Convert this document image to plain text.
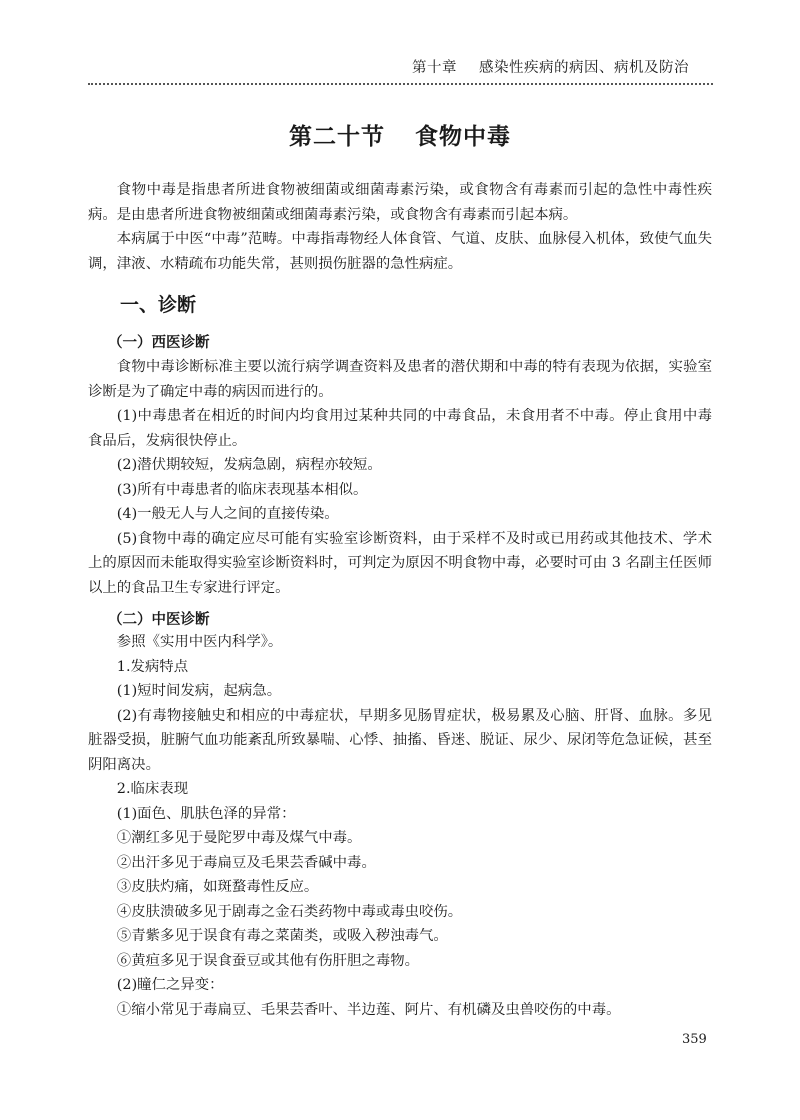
第十章 感染性疾病的病因、病机及防治
第二十节 食物中毒

食物中毒是指患者所进食物被细菌或细菌毒素污染，或食物含有毒素而引起的急性中毒性疾病。是由患者所进食物被细菌或细菌毒素污染，或食物含有毒素而引起本病。

本病属于中医“中毒”范畴。中毒指毒物经人体食管、气道、皮肤、血脉侵入机体，致使气血失调，津液、水精疏布功能失常，甚则损伤脏器的急性病症。

一、诊断
（一）西医诊断

食物中毒诊断标准主要以流行病学调查资料及患者的潜伏期和中毒的特有表现为依据，实验室诊断是为了确定中毒的病因而进行的。

(1)中毒患者在相近的时间内均食用过某种共同的中毒食品，未食用者不中毒。停止食用中毒食品后，发病很快停止。

(2)潜伏期较短，发病急剧，病程亦较短。

(3)所有中毒患者的临床表现基本相似。

(4)一般无人与人之间的直接传染。

(5)食物中毒的确定应尽可能有实验室诊断资料，由于采样不及时或已用药或其他技术、学术上的原因而未能取得实验室诊断资料时，可判定为原因不明食物中毒，必要时可由 3 名副主任医师以上的食品卫生专家进行评定。

（二）中医诊断

参照《实用中医内科学》。

1.发病特点

(1)短时间发病，起病急。

(2)有毒物接触史和相应的中毒症状，早期多见肠胃症状，极易累及心脑、肝肾、血脉。多见脏器受损，脏腑气血功能紊乱所致暴喘、心悸、抽搐、昏迷、脱证、尿少、尿闭等危急证候，甚至阴阳离决。

2.临床表现

(1)面色、肌肤色泽的异常：

①潮红多见于曼陀罗中毒及煤气中毒。

②出汗多见于毒扁豆及毛果芸香碱中毒。

③皮肤灼痛，如斑蝥毒性反应。

④皮肤溃破多见于剧毒之金石类药物中毒或毒虫咬伤。

⑤青紫多见于误食有毒之菜菌类，或吸入秽浊毒气。

⑥黄疸多见于误食蚕豆或其他有伤肝胆之毒物。

(2)瞳仁之异变：

①缩小常见于毒扁豆、毛果芸香叶、半边莲、阿片、有机磷及虫兽咬伤的中毒。

359
